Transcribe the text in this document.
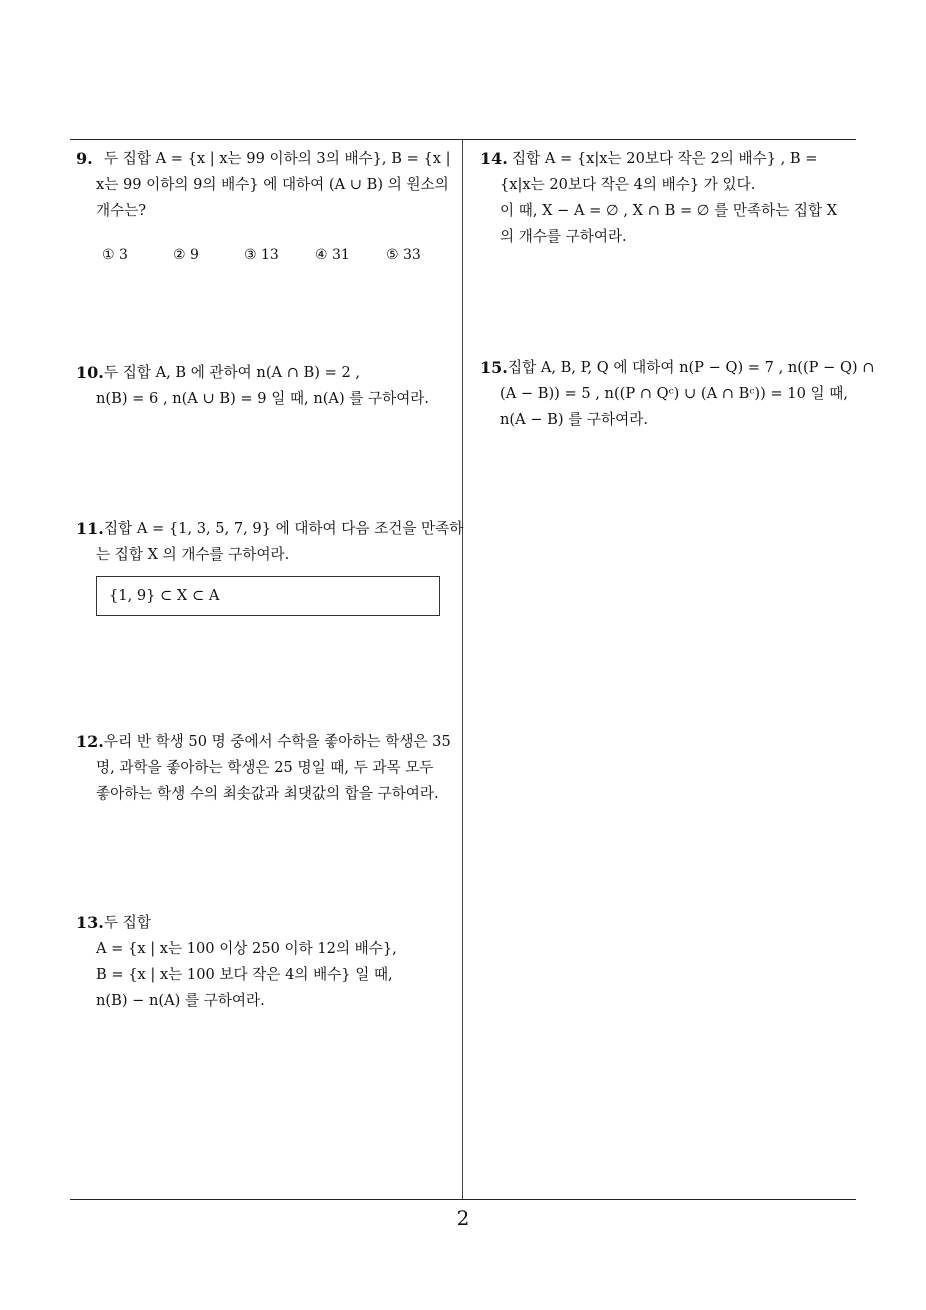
9. 두 집합 A = {x | x는 99 이하의 3의 배수}, B = {x |
x는 99 이하의 9의 배수} 에 대하여 (A ∪ B) 의 원소의
개수는?
① 3	② 9	③ 13	④ 31	⑤ 33
10. 두 집합 A, B 에 관하여 n(A ∩ B) = 2 ,
n(B) = 6 , n(A ∪ B) = 9 일 때, n(A) 를 구하여라.
11. 집합 A = {1, 3, 5, 7, 9} 에 대하여 다음 조건을 만족하
는 집합 X 의 개수를 구하여라.
{1, 9} ⊂ X ⊂ A
12. 우리 반 학생 50 명 중에서 수학을 좋아하는 학생은 35
명, 과학을 좋아하는 학생은 25 명일 때, 두 과목 모두
좋아하는 학생 수의 최솟값과 최댓값의 합을 구하여라.
13. 두 집합
A = {x | x는 100 이상 250 이하 12의 배수},
B = {x | x는 100 보다 작은 4의 배수} 일 때,
n(B) − n(A) 를 구하여라.
14. 집합 A = {x|x는 20보다 작은 2의 배수} , B =
{x|x는 20보다 작은 4의 배수} 가 있다.
이 때, X − A = ∅ , X ∩ B = ∅ 를 만족하는 집합 X
의 개수를 구하여라.
15. 집합 A, B, P, Q 에 대하여 n(P − Q) = 7 , n((P − Q) ∩
(A − B)) = 5 , n((P ∩ Qᶜ) ∪ (A ∩ Bᶜ)) = 10 일 때,
n(A − B) 를 구하여라.
2
